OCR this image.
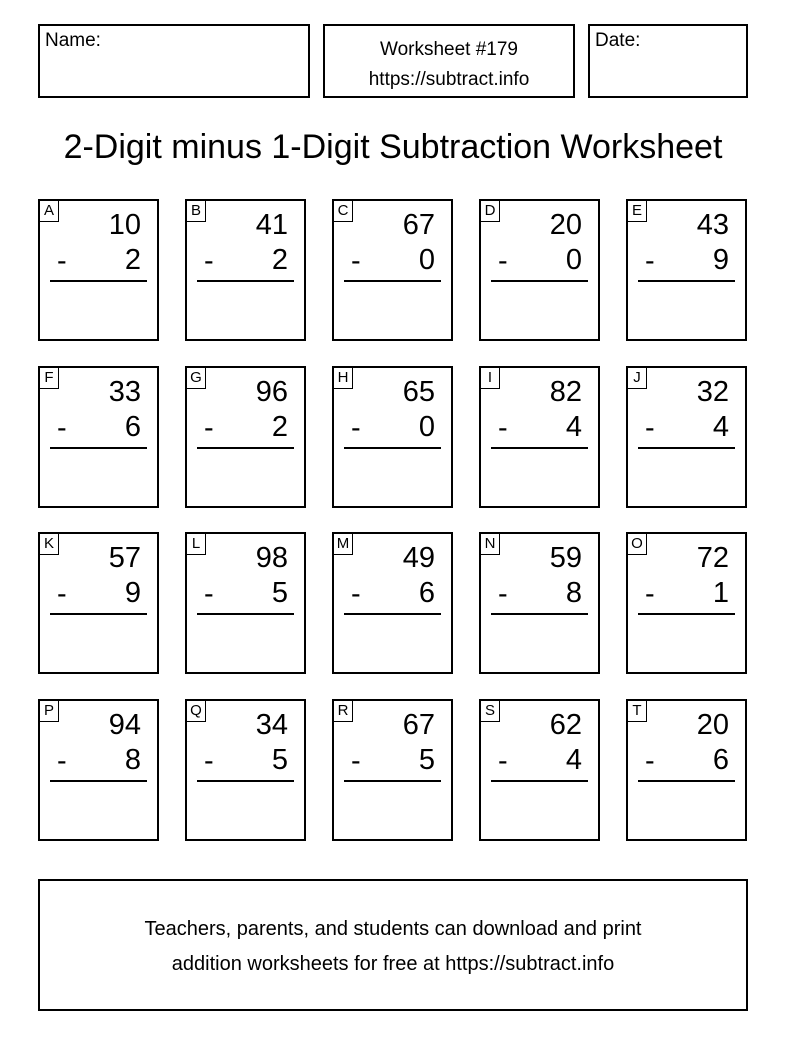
Name:	Worksheet #179
https://subtract.info
Date:
2-Digit minus 1-Digit Subtraction Worksheet
A 10
- 2
B 41
- 2
C 67
- 0
D 20
- 0
E 43
- 9
F 33
- 6
G 96
- 2
H 65
- 0
I 82
- 4
J 32
- 4
K 57
- 9
L 98
- 5
M 49
- 6
N 59
- 8
O 72
- 1
P 94
- 8
Q 34
- 5
R 67
- 5
S 62
- 4
T 20
- 6
Teachers, parents, and students can download and print
addition worksheets for free at https://subtract.info
